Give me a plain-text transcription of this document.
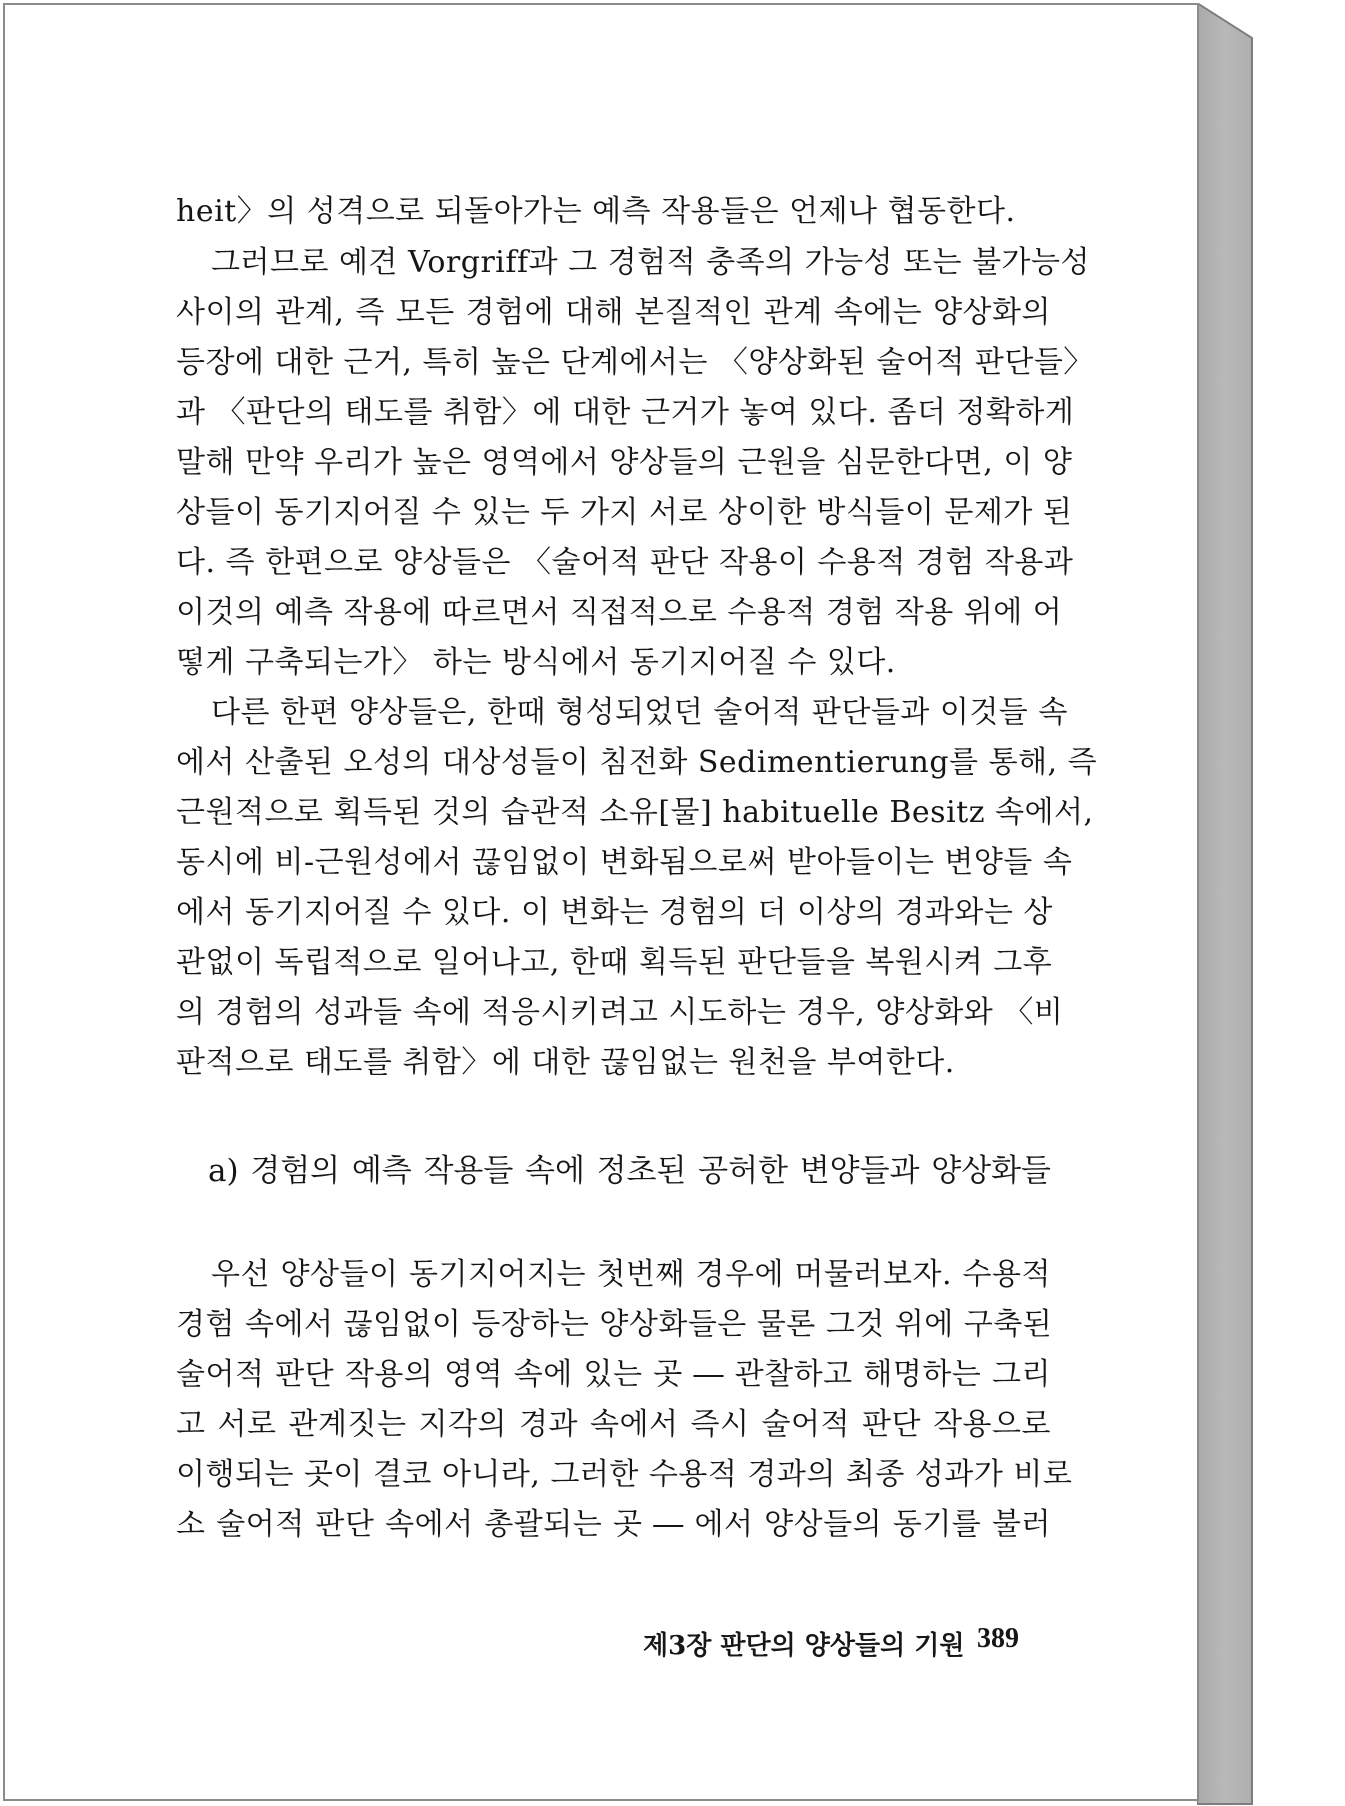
heit〉의 성격으로 되돌아가는 예측 작용들은 언제나 협동한다.
그러므로 예견 Vorgriff과 그 경험적 충족의 가능성 또는 불가능성
사이의 관계, 즉 모든 경험에 대해 본질적인 관계 속에는 양상화의
등장에 대한 근거, 특히 높은 단계에서는 〈양상화된 술어적 판단들〉
과 〈판단의 태도를 취함〉에 대한 근거가 놓여 있다. 좀더 정확하게
말해 만약 우리가 높은 영역에서 양상들의 근원을 심문한다면, 이 양
상들이 동기지어질 수 있는 두 가지 서로 상이한 방식들이 문제가 된
다. 즉 한편으로 양상들은 〈술어적 판단 작용이 수용적 경험 작용과
이것의 예측 작용에 따르면서 직접적으로 수용적 경험 작용 위에 어
떻게 구축되는가〉 하는 방식에서 동기지어질 수 있다.
다른 한편 양상들은, 한때 형성되었던 술어적 판단들과 이것들 속
에서 산출된 오성의 대상성들이 침전화 Sedimentierung를 통해, 즉
근원적으로 획득된 것의 습관적 소유[물] habituelle Besitz 속에서,
동시에 비-근원성에서 끊임없이 변화됨으로써 받아들이는 변양들 속
에서 동기지어질 수 있다. 이 변화는 경험의 더 이상의 경과와는 상
관없이 독립적으로 일어나고, 한때 획득된 판단들을 복원시켜 그후
의 경험의 성과들 속에 적응시키려고 시도하는 경우, 양상화와 〈비
판적으로 태도를 취함〉에 대한 끊임없는 원천을 부여한다.
a) 경험의 예측 작용들 속에 정초된 공허한 변양들과 양상화들
우선 양상들이 동기지어지는 첫번째 경우에 머물러보자. 수용적
경험 속에서 끊임없이 등장하는 양상화들은 물론 그것 위에 구축된
술어적 판단 작용의 영역 속에 있는 곳 ― 관찰하고 해명하는 그리
고 서로 관계짓는 지각의 경과 속에서 즉시 술어적 판단 작용으로
이행되는 곳이 결코 아니라, 그러한 수용적 경과의 최종 성과가 비로
소 술어적 판단 속에서 총괄되는 곳 ― 에서 양상들의 동기를 불러
제3장 판단의 양상들의 기원 389
